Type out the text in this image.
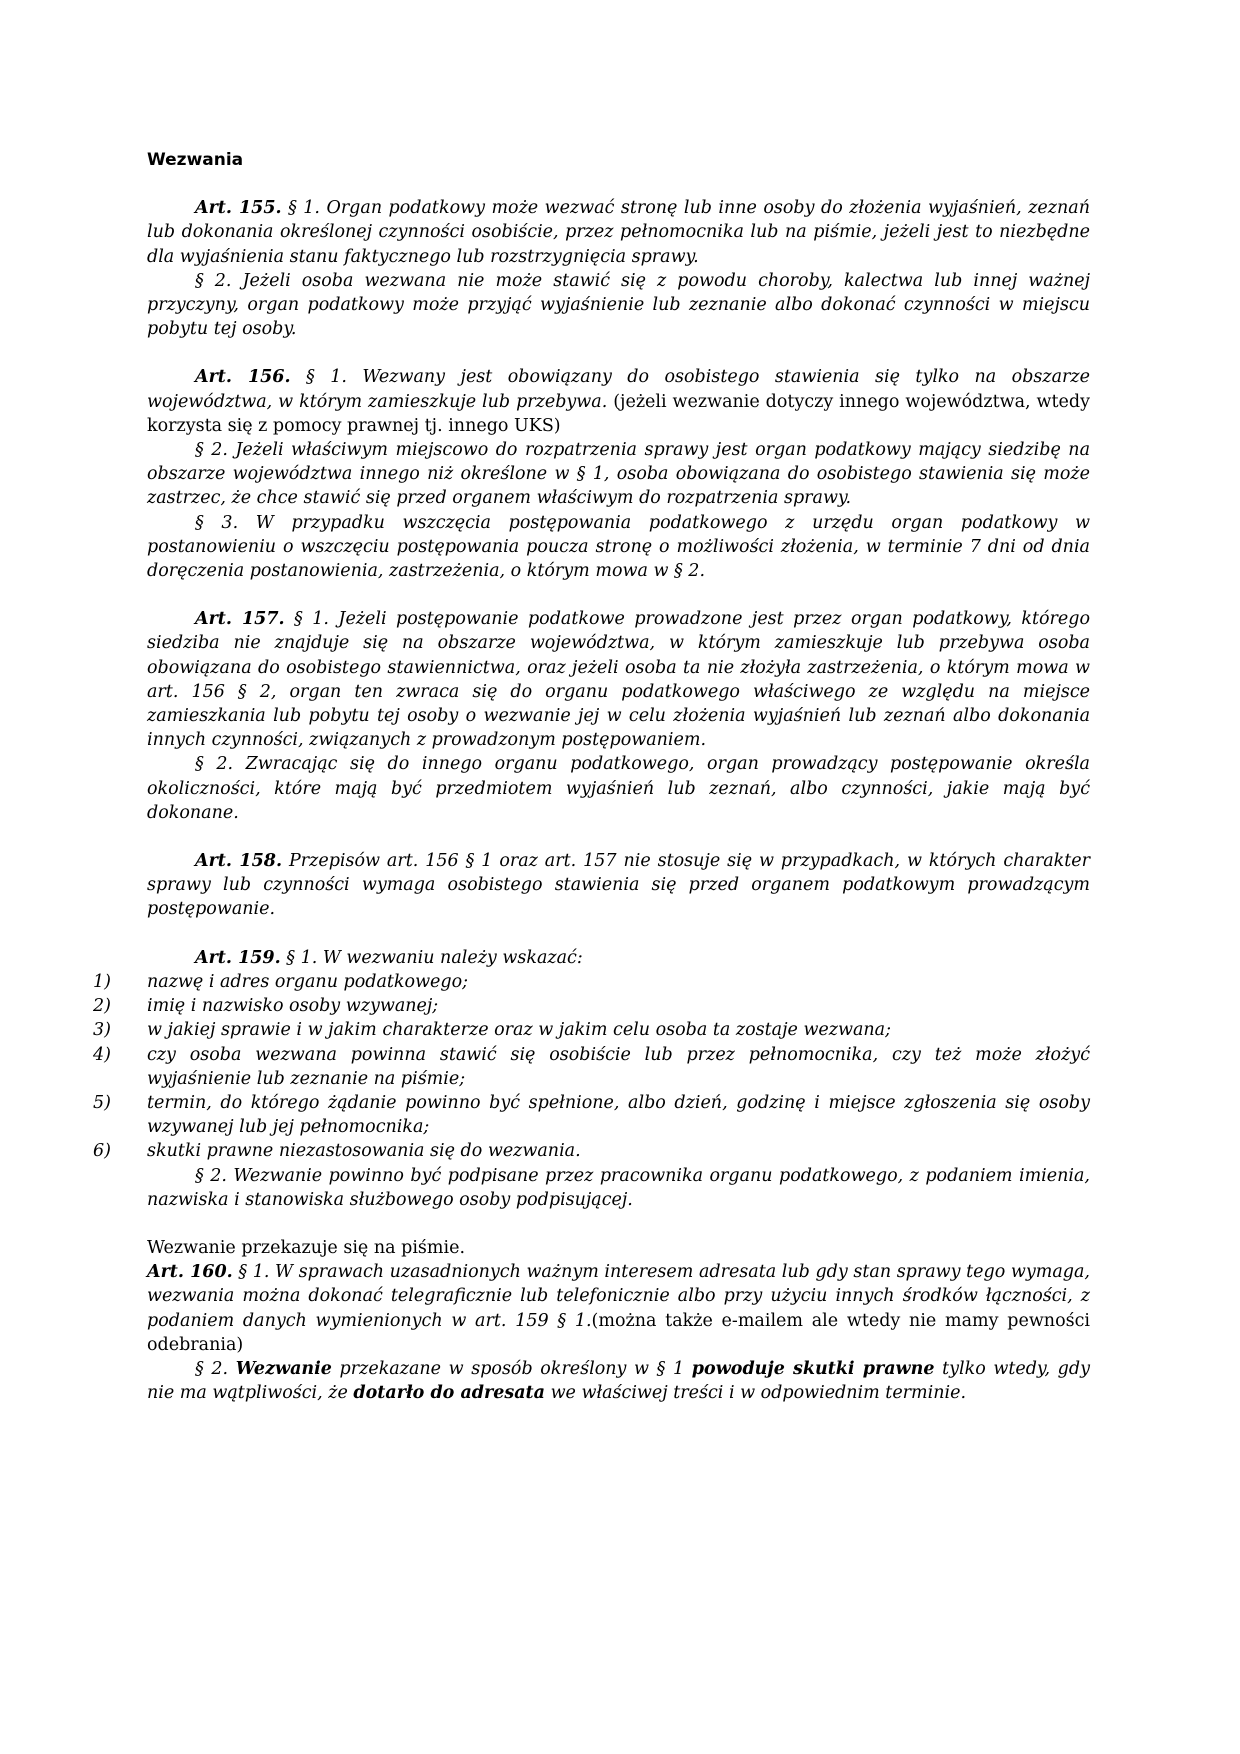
Wezwania

Art. 155. § 1. Organ podatkowy może wezwać stronę lub inne osoby do złożenia wyjaśnień, zeznań lub dokonania określonej czynności osobiście, przez pełnomocnika lub na piśmie, jeżeli jest to niezbędne dla wyjaśnienia stanu faktycznego lub rozstrzygnięcia sprawy.

§ 2. Jeżeli osoba wezwana nie może stawić się z powodu choroby, kalectwa lub innej ważnej przyczyny, organ podatkowy może przyjąć wyjaśnienie lub zeznanie albo dokonać czynności w miejscu pobytu tej osoby.

Art. 156. § 1. Wezwany jest obowiązany do osobistego stawienia się tylko na obszarze województwa, w którym zamieszkuje lub przebywa. (jeżeli wezwanie dotyczy innego województwa, wtedy korzysta się z pomocy prawnej tj. innego UKS)

§ 2. Jeżeli właściwym miejscowo do rozpatrzenia sprawy jest organ podatkowy mający siedzibę na obszarze województwa innego niż określone w § 1, osoba obowiązana do osobistego stawienia się może zastrzec, że chce stawić się przed organem właściwym do rozpatrzenia sprawy.

§ 3. W przypadku wszczęcia postępowania podatkowego z urzędu organ podatkowy w postanowieniu o wszczęciu postępowania poucza stronę o możliwości złożenia, w terminie 7 dni od dnia doręczenia postanowienia, zastrzeżenia, o którym mowa w § 2.

Art. 157. § 1. Jeżeli postępowanie podatkowe prowadzone jest przez organ podatkowy, którego siedziba nie znajduje się na obszarze województwa, w którym zamieszkuje lub przebywa osoba obowiązana do osobistego stawiennictwa, oraz jeżeli osoba ta nie złożyła zastrzeżenia, o którym mowa w art. 156 § 2, organ ten zwraca się do organu podatkowego właściwego ze względu na miejsce zamieszkania lub pobytu tej osoby o wezwanie jej w celu złożenia wyjaśnień lub zeznań albo dokonania innych czynności, związanych z prowadzonym postępowaniem.

§ 2. Zwracając się do innego organu podatkowego, organ prowadzący postępowanie określa okoliczności, które mają być przedmiotem wyjaśnień lub zeznań, albo czynności, jakie mają być dokonane.

Art. 158. Przepisów art. 156 § 1 oraz art. 157 nie stosuje się w przypadkach, w których charakter sprawy lub czynności wymaga osobistego stawienia się przed organem podatkowym prowadzącym postępowanie.

Art. 159. § 1. W wezwaniu należy wskazać:

1)	nazwę i adres organu podatkowego;
2)	imię i nazwisko osoby wzywanej;
3)	w jakiej sprawie i w jakim charakterze oraz w jakim celu osoba ta zostaje wezwana;
4)	czy osoba wezwana powinna stawić się osobiście lub przez pełnomocnika, czy też może złożyć wyjaśnienie lub zeznanie na piśmie;
5)	termin, do którego żądanie powinno być spełnione, albo dzień, godzinę i miejsce zgłoszenia się osoby wzywanej lub jej pełnomocnika;
6)	skutki prawne niezastosowania się do wezwania.

§ 2. Wezwanie powinno być podpisane przez pracownika organu podatkowego, z podaniem imienia, nazwiska i stanowiska służbowego osoby podpisującej.

Wezwanie przekazuje się na piśmie.

Art. 160. § 1. W sprawach uzasadnionych ważnym interesem adresata lub gdy stan sprawy tego wymaga, wezwania można dokonać telegraficznie lub telefonicznie albo przy użyciu innych środków łączności, z podaniem danych wymienionych w art. 159 § 1.(można także e-mailem ale wtedy nie mamy pewności odebrania)

§ 2. Wezwanie przekazane w sposób określony w § 1 powoduje skutki prawne tylko wtedy, gdy nie ma wątpliwości, że dotarło do adresata we właściwej treści i w odpowiednim terminie.
